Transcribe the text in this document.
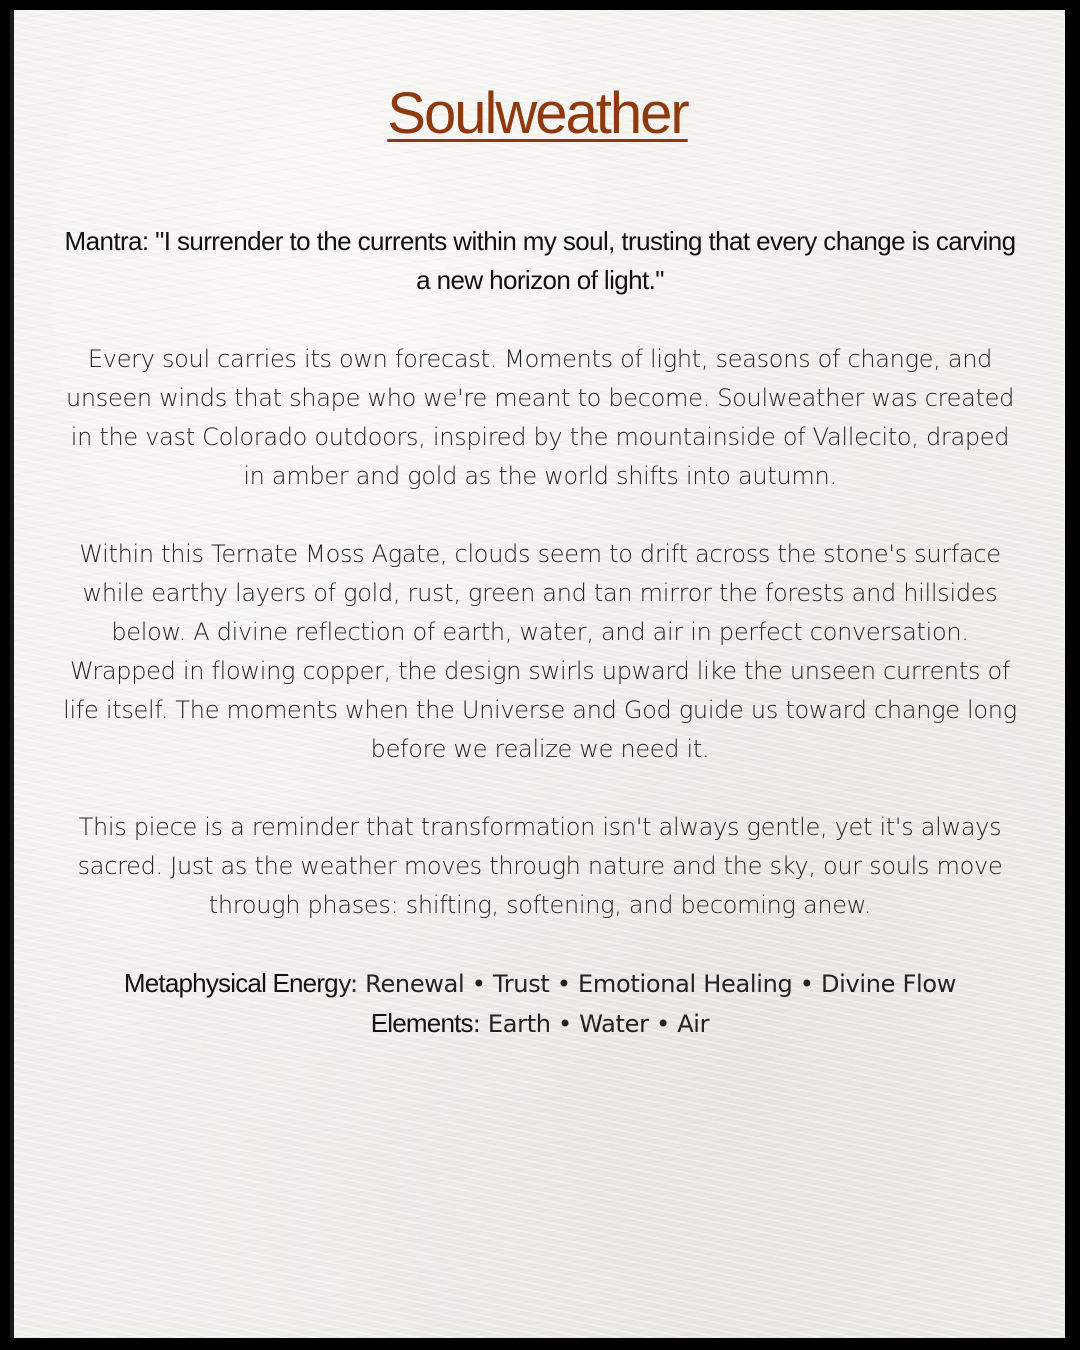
Soulweather

Mantra: "I surrender to the currents within my soul, trusting that every change is carving a new horizon of light."

Every soul carries its own forecast. Moments of light, seasons of change, and unseen winds that shape who we're meant to become. Soulweather was created in the vast Colorado outdoors, inspired by the mountainside of Vallecito, draped in amber and gold as the world shifts into autumn.

Within this Ternate Moss Agate, clouds seem to drift across the stone's surface while earthy layers of gold, rust, green and tan mirror the forests and hillsides below. A divine reflection of earth, water, and air in perfect conversation. Wrapped in flowing copper, the design swirls upward like the unseen currents of life itself. The moments when the Universe and God guide us toward change long before we realize we need it.

This piece is a reminder that transformation isn't always gentle, yet it's always sacred. Just as the weather moves through nature and the sky, our souls move through phases: shifting, softening, and becoming anew.

Metaphysical Energy: Renewal • Trust • Emotional Healing • Divine Flow
Elements: Earth • Water • Air
